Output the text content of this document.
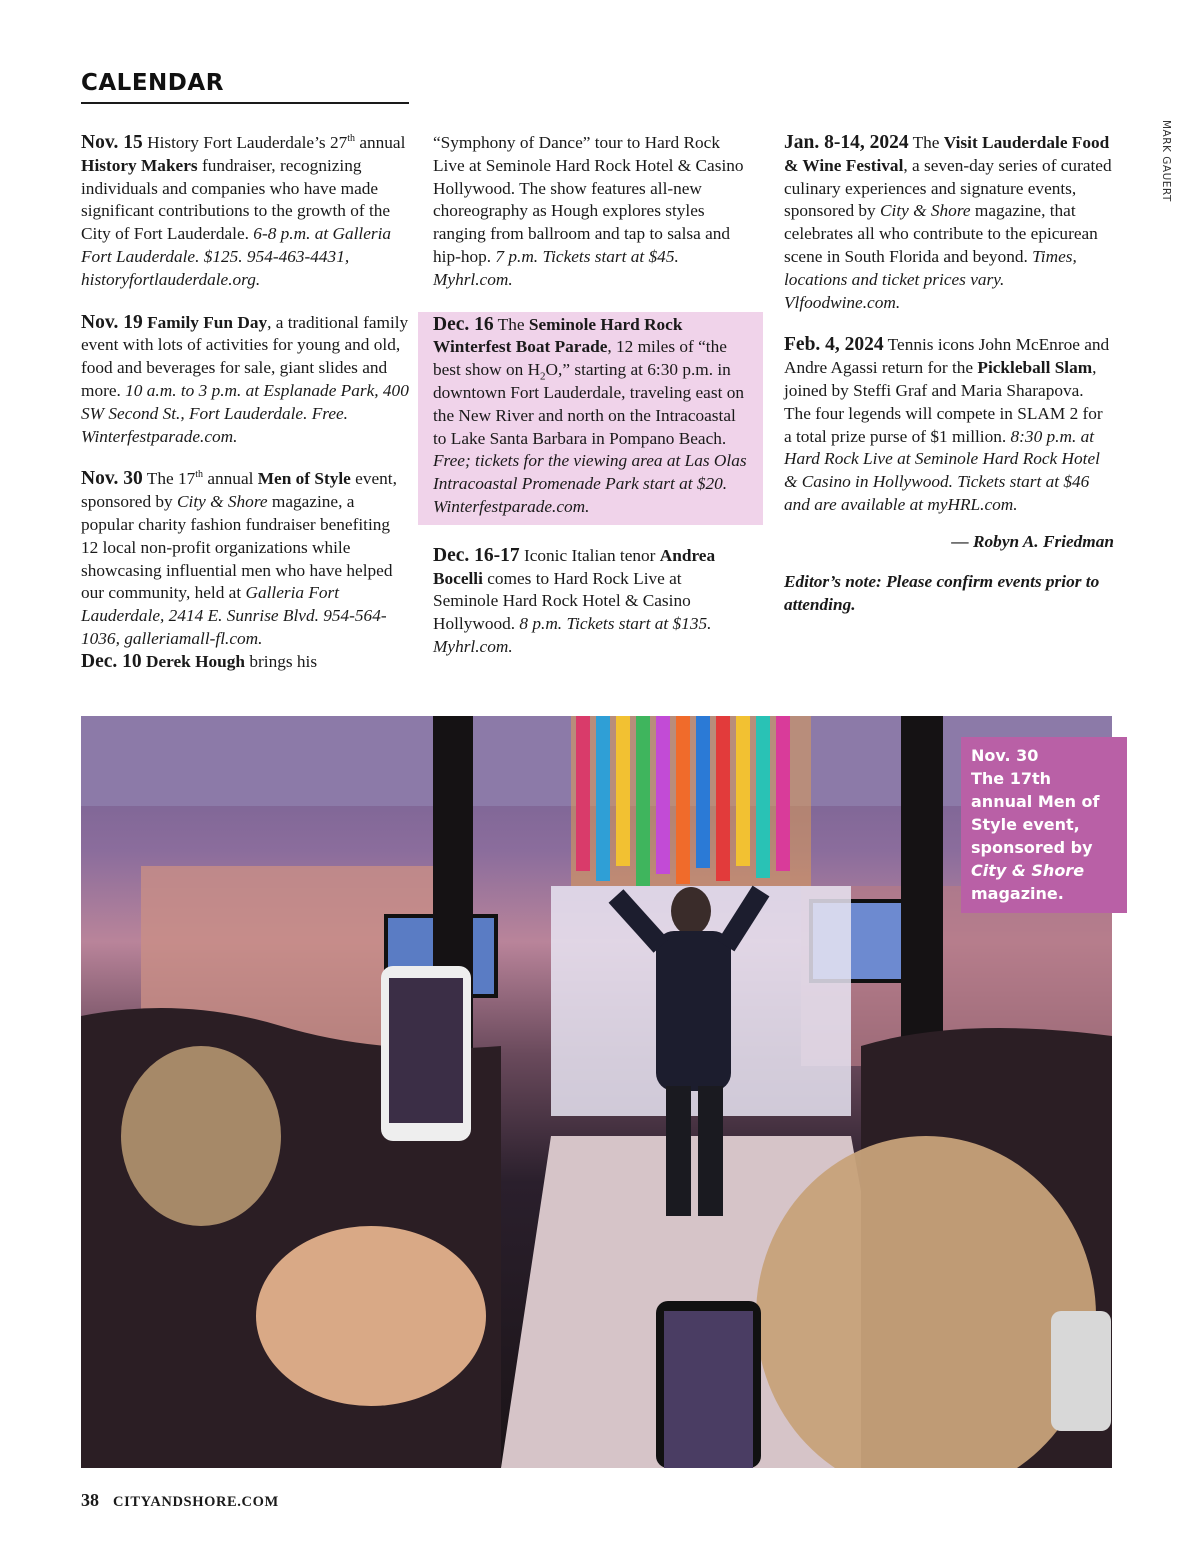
CALENDAR
MARK GAUERT

Nov. 15 History Fort Lauderdale’s 27th annual History Makers fundraiser, recognizing individuals and companies who have made significant contributions to the growth of the City of Fort Lauderdale. 6-8 p.m. at Galleria Fort Lauderdale. $125. 954-463-4431, historyfortlauderdale.org.

Nov. 19 Family Fun Day, a traditional family event with lots of activities for young and old, food and beverages for sale, giant slides and more. 10 a.m. to 3 p.m. at Esplanade Park, 400 SW Second St., Fort Lauderdale. Free. Winterfestparade.com.

Nov. 30 The 17th annual Men of Style event, sponsored by City & Shore magazine, a popular charity fashion fundraiser benefiting 12 local non-profit organizations while showcasing influential men who have helped our community, held at Galleria Fort Lauderdale, 2414 E. Sunrise Blvd. 954-564-1036, galleriamall-fl.com.

Dec. 10 Derek Hough brings his

“Symphony of Dance” tour to Hard Rock Live at Seminole Hard Rock Hotel & Casino Hollywood. The show features all-new choreography as Hough explores styles ranging from ballroom and tap to salsa and hip-hop. 7 p.m. Tickets start at $45. Myhrl.com.

Dec. 16 The Seminole Hard Rock Winterfest Boat Parade, 12 miles of “the best show on $H_2O$,” starting at 6:30 p.m. in downtown Fort Lauderdale, traveling east on the New River and north on the Intracoastal to Lake Santa Barbara in Pompano Beach. Free; tickets for the viewing area at Las Olas Intracoastal Promenade Park start at $20. Winterfestparade.com.

Dec. 16-17 Iconic Italian tenor Andrea Bocelli comes to Hard Rock Live at Seminole Hard Rock Hotel & Casino Hollywood. 8 p.m. Tickets start at $135. Myhrl.com.

Jan. 8-14, 2024 The Visit Lauderdale Food & Wine Festival, a seven-day series of curated culinary experiences and signature events, sponsored by City & Shore magazine, that celebrates all who contribute to the epicurean scene in South Florida and beyond. Times, locations and ticket prices vary. Vlfoodwine.com.

Feb. 4, 2024 Tennis icons John McEnroe and Andre Agassi return for the Pickleball Slam, joined by Steffi Graf and Maria Sharapova. The four legends will compete in SLAM 2 for a total prize purse of $1 million. 8:30 p.m. at Hard Rock Live at Seminole Hard Rock Hotel & Casino in Hollywood. Tickets start at $46 and are available at myHRL.com.

— Robyn A. Friedman

Editor’s note: Please confirm events prior to attending.

Nov. 30
The 17th annual Men of Style event, sponsored by City & Shore magazine.
38 CITYANDSHORE.COM
